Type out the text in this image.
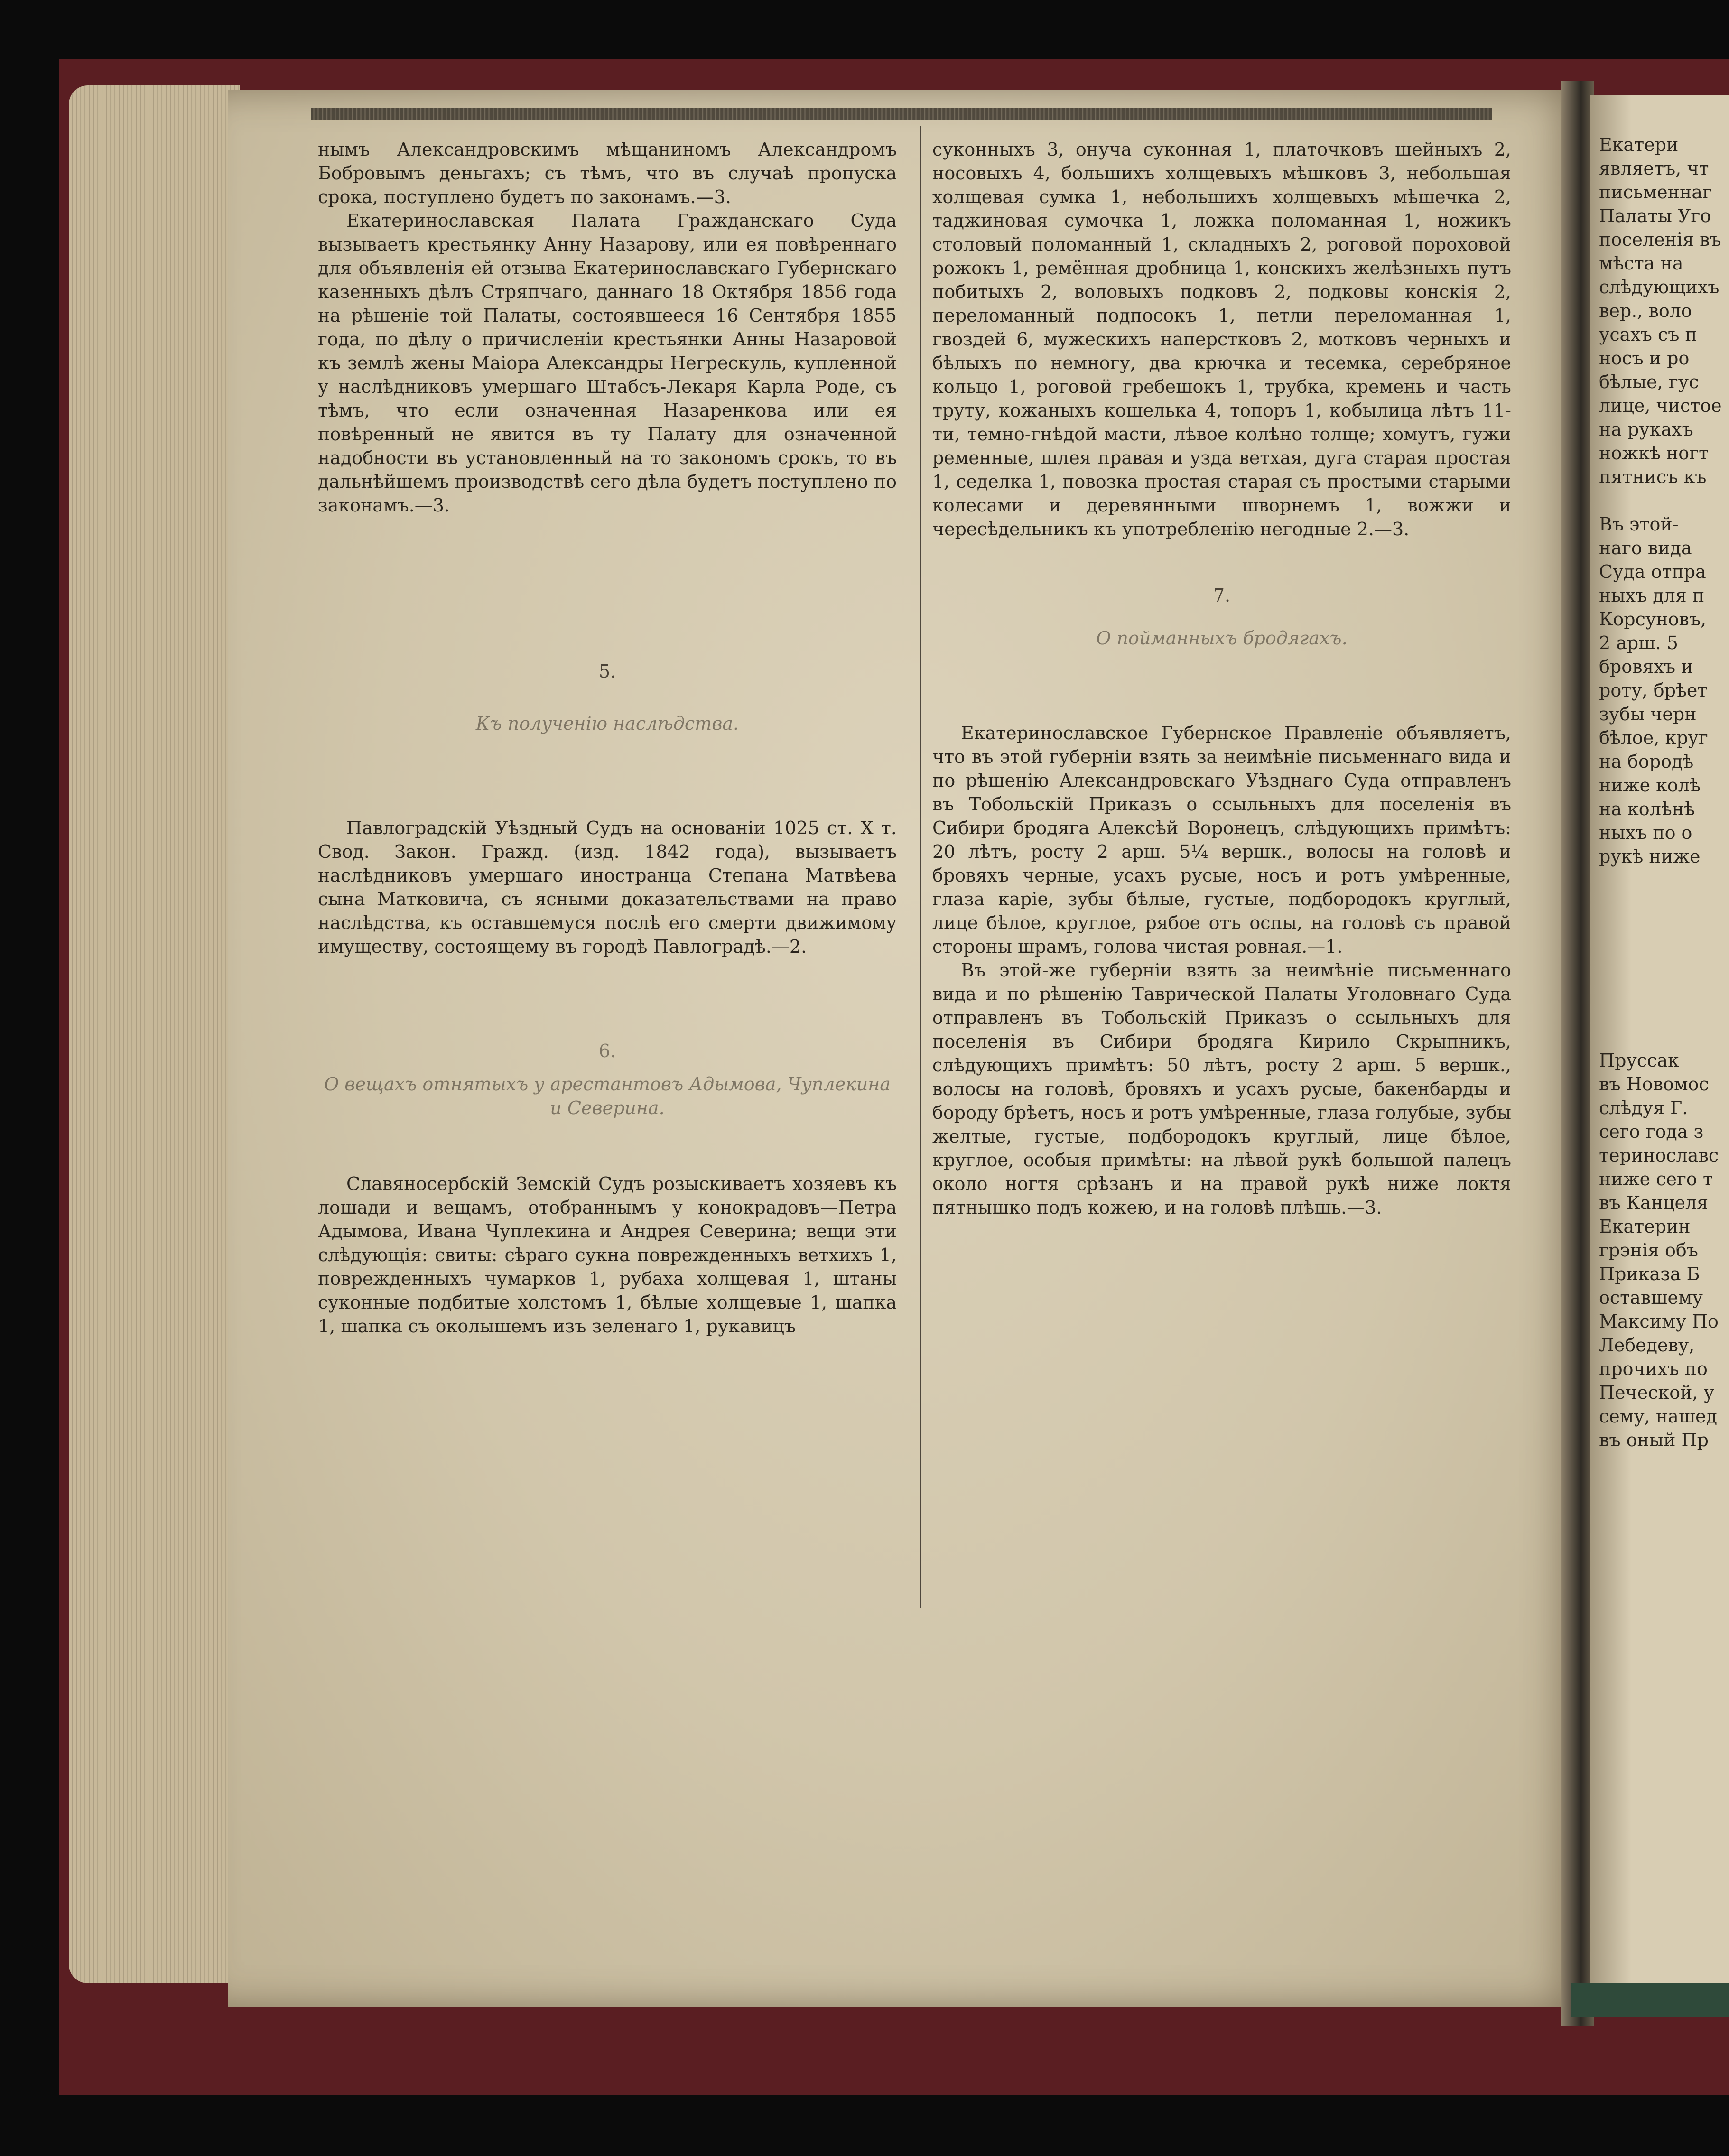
Екатери
являетъ, чт
письменнаг
Палаты Уго
поселенія въ
мѣста на
слѣдующихъ
вер., воло
усахъ съ п
носъ и ро
бѣлые, гус
лице, чистое
на рукахъ
ножкѣ ногт
пятнисъ къ
Въ этой-
наго вида
Суда отпра
ныхъ для п
Корсуновъ,
2 арш. 5
бровяхъ и
роту, брѣет
зубы черн
бѣлое, круг
на бородѣ
ниже колѣ
на колѣнѣ
ныхъ по о
рукѣ ниже
Пруссак
въ Новомос
слѣдуя Г.
сего года з
теринославс
ниже сего т
въ Канцеля
Екатерин
грэнія объ
Приказа Б
оставшему
Максиму По
Лебедеву,
прочихъ по
Печеской, у
сему, нашед
въ оный Пр

нымъ Александровскимъ мѣщаниномъ Александромъ Бобровымъ деньгахъ; съ тѣмъ, что въ случаѣ пропуска срока, поступлено будетъ по законамъ.—3.

Екатеринославская Палата Гражданскаго Суда вызываетъ крестьянку Анну Назарову, или ея повѣреннаго для объявленія ей отзыва Екатеринославскаго Губернскаго казенныхъ дѣлъ Стряпчаго, даннаго 18 Октября 1856 года на рѣшеніе той Палаты, состоявшееся 16 Сентября 1855 года, по дѣлу о причисленіи крестьянки Анны Назаровой къ землѣ жены Маіора Александры Негрескуль, купленной у наслѣдниковъ умершаго Штабсъ-Лекаря Карла Роде, съ тѣмъ, что если означенная Назаренкова или ея повѣренный не явится въ ту Палату для означенной надобности въ установленный на то закономъ срокъ, то въ дальнѣйшемъ производствѣ сего дѣла будетъ поступлено по законамъ.—3.

5.

Къ полученію наслѣдства.

Павлоградскій Уѣздный Судъ на основаніи 1025 ст. X т. Свод. Закон. Гражд. (изд. 1842 года), вызываетъ наслѣдниковъ умершаго иностранца Степана Матвѣева сына Матковича, съ ясными доказательствами на право наслѣдства, къ оставшемуся послѣ его смерти движимому имуществу, состоящему въ городѣ Павлоградѣ.—2.

6.

О вещахъ отнятыхъ у арестантовъ Адымова, Чуплекина и Северина.

Славяносербскій Земскій Судъ розыскиваетъ хозяевъ къ лошади и вещамъ, отобраннымъ у конокрадовъ—Петра Адымова, Ивана Чуплекина и Андрея Северина; вещи эти слѣдующія: свиты: сѣраго сукна поврежденныхъ ветхихъ 1, поврежденныхъ чумарков 1, рубаха холщевая 1, штаны суконные подбитые холстомъ 1, бѣлые холщевые 1, шапка 1, шапка съ околышемъ изъ зеленаго 1, рукавицъ

суконныхъ 3, онуча суконная 1, платочковъ шейныхъ 2, носовыхъ 4, большихъ холщевыхъ мѣшковъ 3, небольшая холщевая сумка 1, небольшихъ холщевыхъ мѣшечка 2, таджиновая сумочка 1, ложка поломанная 1, ножикъ столовый поломанный 1, складныхъ 2, роговой пороховой рожокъ 1, ремённая дробница 1, конскихъ желѣзныхъ путъ побитыхъ 2, воловыхъ подковъ 2, подковы конскія 2, переломанный подпосокъ 1, петли переломанная 1, гвоздей 6, мужескихъ наперстковъ 2, мотковъ черныхъ и бѣлыхъ по немногу, два крючка и тесемка, серебряное кольцо 1, роговой гребешокъ 1, трубка, кремень и часть труту, кожаныхъ кошелька 4, топоръ 1, кобылица лѣтъ 11-ти, темно-гнѣдой масти, лѣвое колѣно толще; хомутъ, гужи ременные, шлея правая и узда ветхая, дуга старая простая 1, седелка 1, повозка простая старая съ простыми старыми колесами и деревянными шворнемъ 1, вожжи и чересѣдельникъ къ употребленію негодные 2.—3.

7.

О пойманныхъ бродягахъ.

Екатеринославское Губернское Правленіе объявляетъ, что въ этой губерніи взять за неимѣніе письменнаго вида и по рѣшенію Александровскаго Уѣзднаго Суда отправленъ въ Тобольскій Приказъ о ссыльныхъ для поселенія въ Сибири бродяга Алексѣй Воронецъ, слѣдующихъ примѣтъ: 20 лѣтъ, росту 2 арш. 5¼ вершк., волосы на головѣ и бровяхъ черные, усахъ русые, носъ и ротъ умѣренные, глаза каріе, зубы бѣлые, густые, подбородокъ круглый, лице бѣлое, круглое, рябое отъ оспы, на головѣ съ правой стороны шрамъ, голова чистая ровная.—1.

Въ этой-же губерніи взять за неимѣніе письменнаго вида и по рѣшенію Таврической Палаты Уголовнаго Суда отправленъ въ Тобольскій Приказъ о ссыльныхъ для поселенія въ Сибири бродяга Кирило Скрыпникъ, слѣдующихъ примѣтъ: 50 лѣтъ, росту 2 арш. 5 вершк., волосы на головѣ, бровяхъ и усахъ русые, бакенбарды и бороду брѣетъ, носъ и ротъ умѣренные, глаза голубые, зубы желтые, густые, подбородокъ круглый, лице бѣлое, круглое, особыя примѣты: на лѣвой рукѣ большой палецъ около ногтя срѣзанъ и на правой рукѣ ниже локтя пятнышко подъ кожею, и на головѣ плѣшь.—3.
